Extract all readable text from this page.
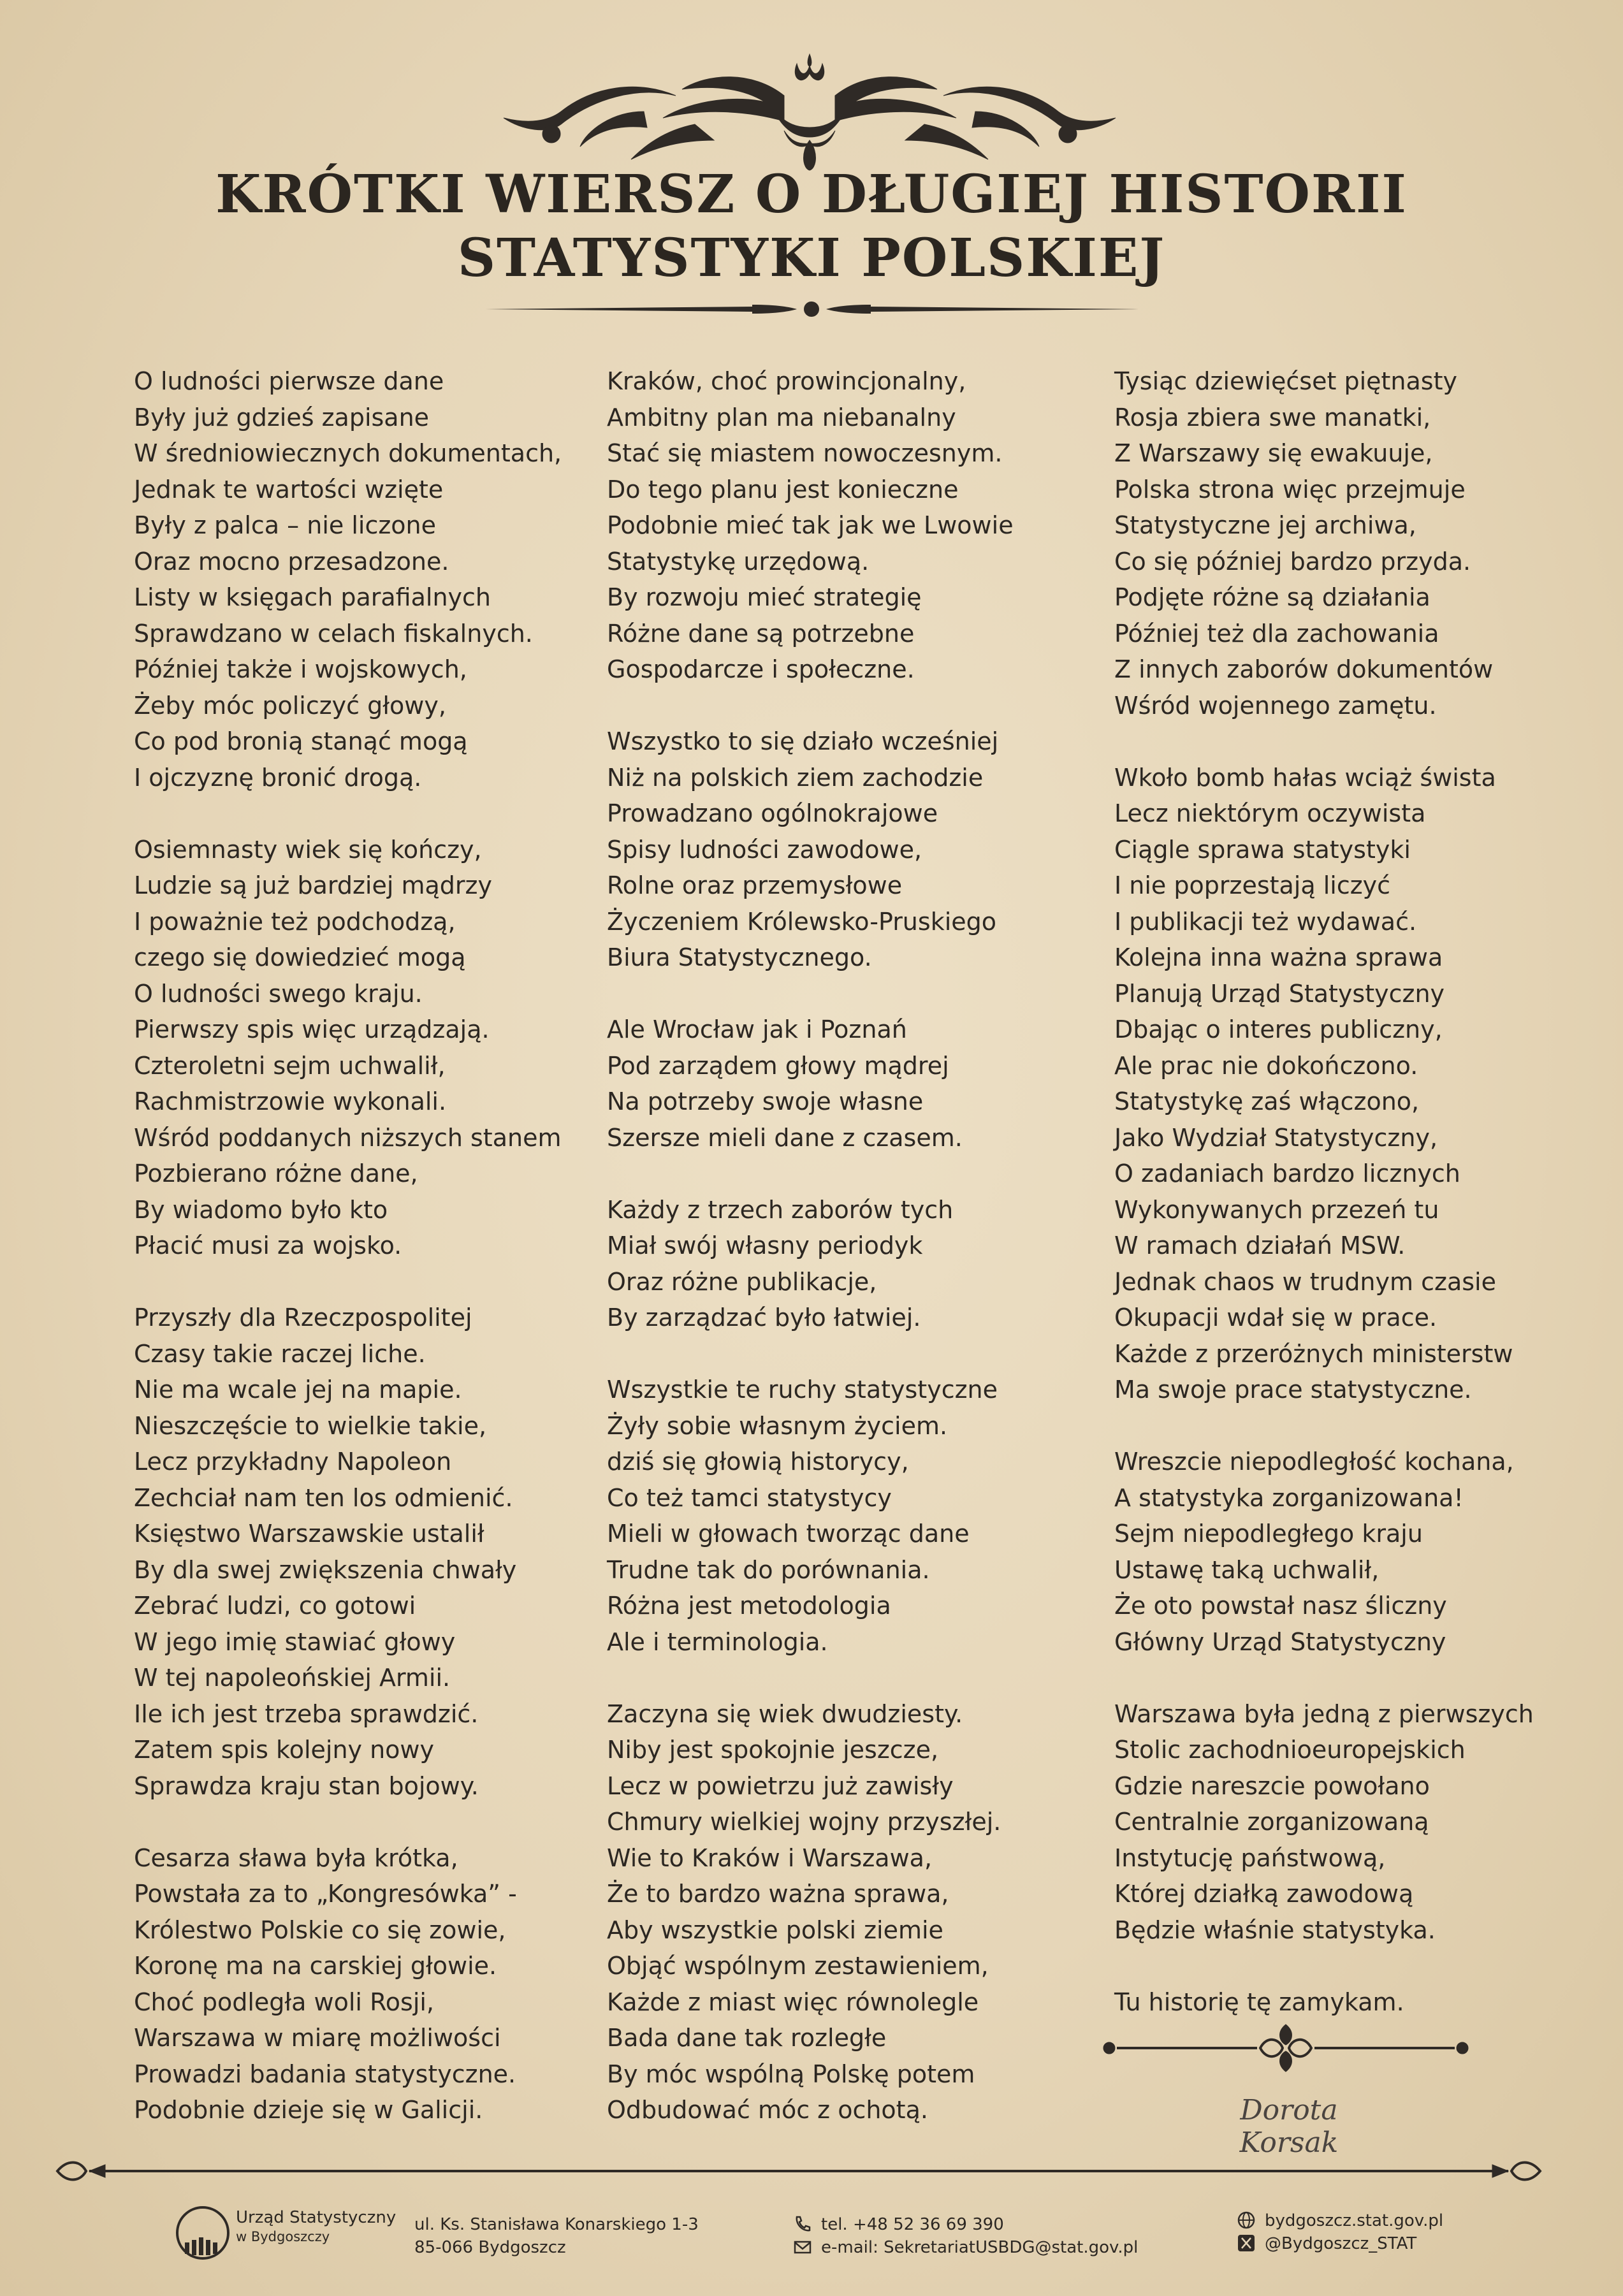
KRÓTKI WIERSZ O DŁUGIEJ HISTORII
STATYSTYKI POLSKIEJ
O ludności pierwsze dane
Były już gdzieś zapisane
W średniowiecznych dokumentach,
Jednak te wartości wzięte
Były z palca – nie liczone
Oraz mocno przesadzone.
Listy w księgach parafialnych
Sprawdzano w celach fiskalnych.
Później także i wojskowych,
Żeby móc policzyć głowy,
Co pod bronią stanąć mogą
I ojczyznę bronić drogą.
Osiemnasty wiek się kończy,
Ludzie są już bardziej mądrzy
I poważnie też podchodzą,
czego się dowiedzieć mogą
O ludności swego kraju.
Pierwszy spis więc urządzają.
Czteroletni sejm uchwalił,
Rachmistrzowie wykonali.
Wśród poddanych niższych stanem
Pozbierano różne dane,
By wiadomo było kto
Płacić musi za wojsko.
Przyszły dla Rzeczpospolitej
Czasy takie raczej liche.
Nie ma wcale jej na mapie.
Nieszczęście to wielkie takie,
Lecz przykładny Napoleon
Zechciał nam ten los odmienić.
Księstwo Warszawskie ustalił
By dla swej zwiększenia chwały
Zebrać ludzi, co gotowi
W jego imię stawiać głowy
W tej napoleońskiej Armii.
Ile ich jest trzeba sprawdzić.
Zatem spis kolejny nowy
Sprawdza kraju stan bojowy.
Cesarza sława była krótka,
Powstała za to „Kongresówka” -
Królestwo Polskie co się zowie,
Koronę ma na carskiej głowie.
Choć podległa woli Rosji,
Warszawa w miarę możliwości
Prowadzi badania statystyczne.
Podobnie dzieje się w Galicji.
Kraków, choć prowincjonalny,
Ambitny plan ma niebanalny
Stać się miastem nowoczesnym.
Do tego planu jest konieczne
Podobnie mieć tak jak we Lwowie
Statystykę urzędową.
By rozwoju mieć strategię
Różne dane są potrzebne
Gospodarcze i społeczne.
Wszystko to się działo wcześniej
Niż na polskich ziem zachodzie
Prowadzano ogólnokrajowe
Spisy ludności zawodowe,
Rolne oraz przemysłowe
Życzeniem Królewsko-Pruskiego
Biura Statystycznego.
Ale Wrocław jak i Poznań
Pod zarządem głowy mądrej
Na potrzeby swoje własne
Szersze mieli dane z czasem.
Każdy z trzech zaborów tych
Miał swój własny periodyk
Oraz różne publikacje,
By zarządzać było łatwiej.
Wszystkie te ruchy statystyczne
Żyły sobie własnym życiem.
dziś się głowią historycy,
Co też tamci statystycy
Mieli w głowach tworząc dane
Trudne tak do porównania.
Różna jest metodologia
Ale i terminologia.
Zaczyna się wiek dwudziesty.
Niby jest spokojnie jeszcze,
Lecz w powietrzu już zawisły
Chmury wielkiej wojny przyszłej.
Wie to Kraków i Warszawa,
Że to bardzo ważna sprawa,
Aby wszystkie polski ziemie
Objąć wspólnym zestawieniem,
Każde z miast więc równolegle
Bada dane tak rozległe
By móc wspólną Polskę potem
Odbudować móc z ochotą.
Tysiąc dziewięćset piętnasty
Rosja zbiera swe manatki,
Z Warszawy się ewakuuje,
Polska strona więc przejmuje
Statystyczne jej archiwa,
Co się później bardzo przyda.
Podjęte różne są działania
Później też dla zachowania
Z innych zaborów dokumentów
Wśród wojennego zamętu.
Wkoło bomb hałas wciąż śwista
Lecz niektórym oczywista
Ciągle sprawa statystyki
I nie poprzestają liczyć
I publikacji też wydawać.
Kolejna inna ważna sprawa
Planują Urząd Statystyczny
Dbając o interes publiczny,
Ale prac nie dokończono.
Statystykę zaś włączono,
Jako Wydział Statystyczny,
O zadaniach bardzo licznych
Wykonywanych przezeń tu
W ramach działań MSW.
Jednak chaos w trudnym czasie
Okupacji wdał się w prace.
Każde z przeróżnych ministerstw
Ma swoje prace statystyczne.
Wreszcie niepodległość kochana,
A statystyka zorganizowana!
Sejm niepodległego kraju
Ustawę taką uchwalił,
Że oto powstał nasz śliczny
Główny Urząd Statystyczny
Warszawa była jedną z pierwszych
Stolic zachodnioeuropejskich
Gdzie nareszcie powołano
Centralnie zorganizowaną
Instytucję państwową,
Której działką zawodową
Będzie właśnie statystyka.
Tu historię tę zamykam.
Dorota Korsak
Urząd Statystyczny
w Bydgoszczy
ul. Ks. Stanisława Konarskiego 1-3
85-066 Bydgoszcz
tel. +48 52 36 69 390
e-mail: SekretariatUSBDG@stat.gov.pl
bydgoszcz.stat.gov.pl
@Bydgoszcz_STAT
